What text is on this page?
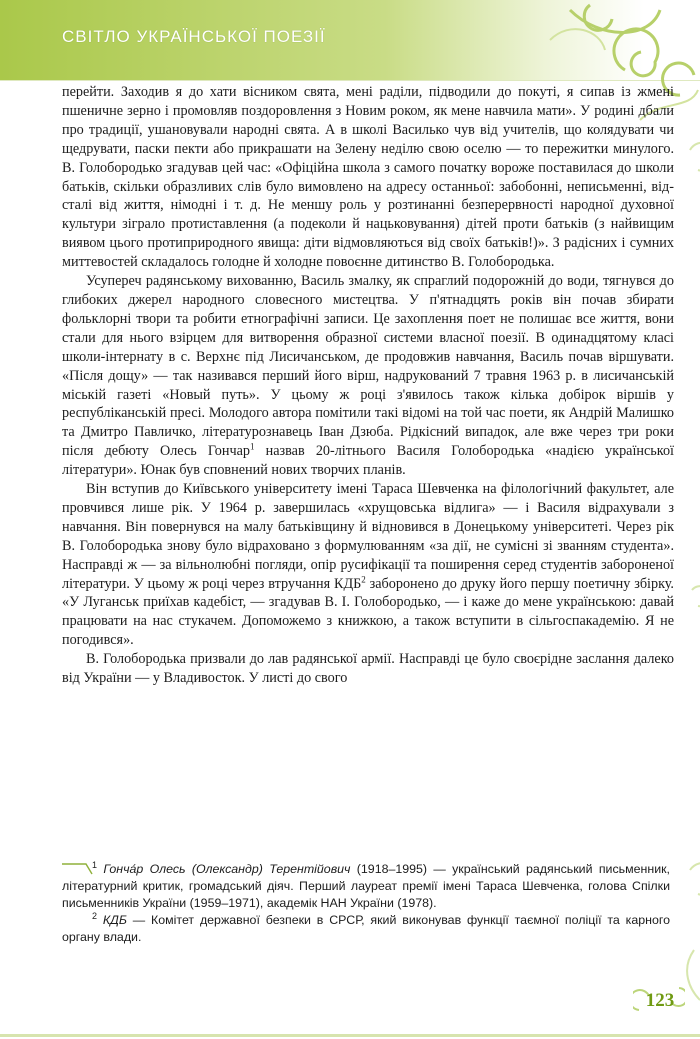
СВІТЛО УКРАЇНСЬКОЇ ПОЕЗІЇ

перейти. Заходив я до хати вісником свята, мені раділи, підводили до покуті, я сипав із жмені пшеничне зерно і промовляв поздоровлення з Новим роком, як мене навчила мати». У родині дбали про традиції, ушановували народні свята. А в школі Василько чув від учителів, що колядувати чи щедрувати, паски пекти або прикрашати на Зелену неділю свою оселю — то пережитки минулого. В. Голобородько згадував цей час: «Офіційна школа з самого початку вороже поставилася до школи батьків, скільки образливих слів було вимовлено на адресу останньої: забобонні, неписьменні, відсталі від життя, німодні і т. д. Не меншу роль у розтинанні безперервності народної духовної культури зіграло протиставлення (а подеколи й нацьковування) дітей проти батьків (з найвищим виявом цього протиприродного явища: діти відмовляються від своїх батьків!)». З радісних і сумних миттевостей складалось голодне й холодне повоєнне дитинство В. Голобородька.

Усупереч радянському вихованню, Василь змалку, як спраглий подорожній до води, тягнувся до глибоких джерел народного словесного мистецтва. У п'ятнадцять років він почав збирати фольклорні твори та робити етнографічні записи. Це захоплення поет не полишає все життя, вони стали для нього взірцем для витворення образної системи власної поезії. В одинадцятому класі школи-інтернату в с. Верхнє під Лисичанськом, де продовжив навчання, Василь почав віршувати. «Після дощу» — так називався перший його вірш, надрукований 7 травня 1963 р. в лисичанській міській газеті «Новый путь». У цьому ж році з'явилось також кілька добірок віршів у республіканській пресі. Молодого автора помітили такі відомі на той час поети, як Андрій Малишко та Дмитро Павличко, літературознавець Іван Дзюба. Рідкісний випадок, але вже через три роки після дебюту Олесь Гончар$^1$ назвав 20-літнього Василя Голобородька «надією української літератури». Юнак був сповнений нових творчих планів.

Він вступив до Київського університету імені Тараса Шевченка на філологічний факультет, але провчився лише рік. У 1964 р. завершилась «хрущовська відлига» — і Василя відрахували з навчання. Він повернувся на малу батьківщину й відновився в Донецькому університеті. Через рік В. Голобородька знову було відраховано з формулюванням «за дії, не сумісні зі званням студента». Насправді ж — за вільнолюбні погляди, опір русифікації та поширення серед студентів забороненої літератури. У цьому ж році через втручання КДБ$^2$ заборонено до друку його першу поетичну збірку. «У Луганськ приїхав кадебіст, — згадував В. І. Голобородько, — і каже до мене українською: давай працювати на нас стукачем. Допоможемо з книжкою, а також вступити в сільгоспакадемію. Я не погодився».

В. Голобородька призвали до лав радянської армії. Насправді це було своєрідне заслання далеко від України — у Владивосток. У листі до свого

$^1$ Гонча́р Олесь (Олександр) Терентійович (1918–1995) — український радянський письменник, літературний критик, громадський діяч. Перший лауреат премії імені Тараса Шевченка, голова Спілки письменників України (1959–1971), академік НАН України (1978).

$^2$ КДБ — Комітет державної безпеки в СРСР, який виконував функції таємної поліції та карного органу влади.

123
